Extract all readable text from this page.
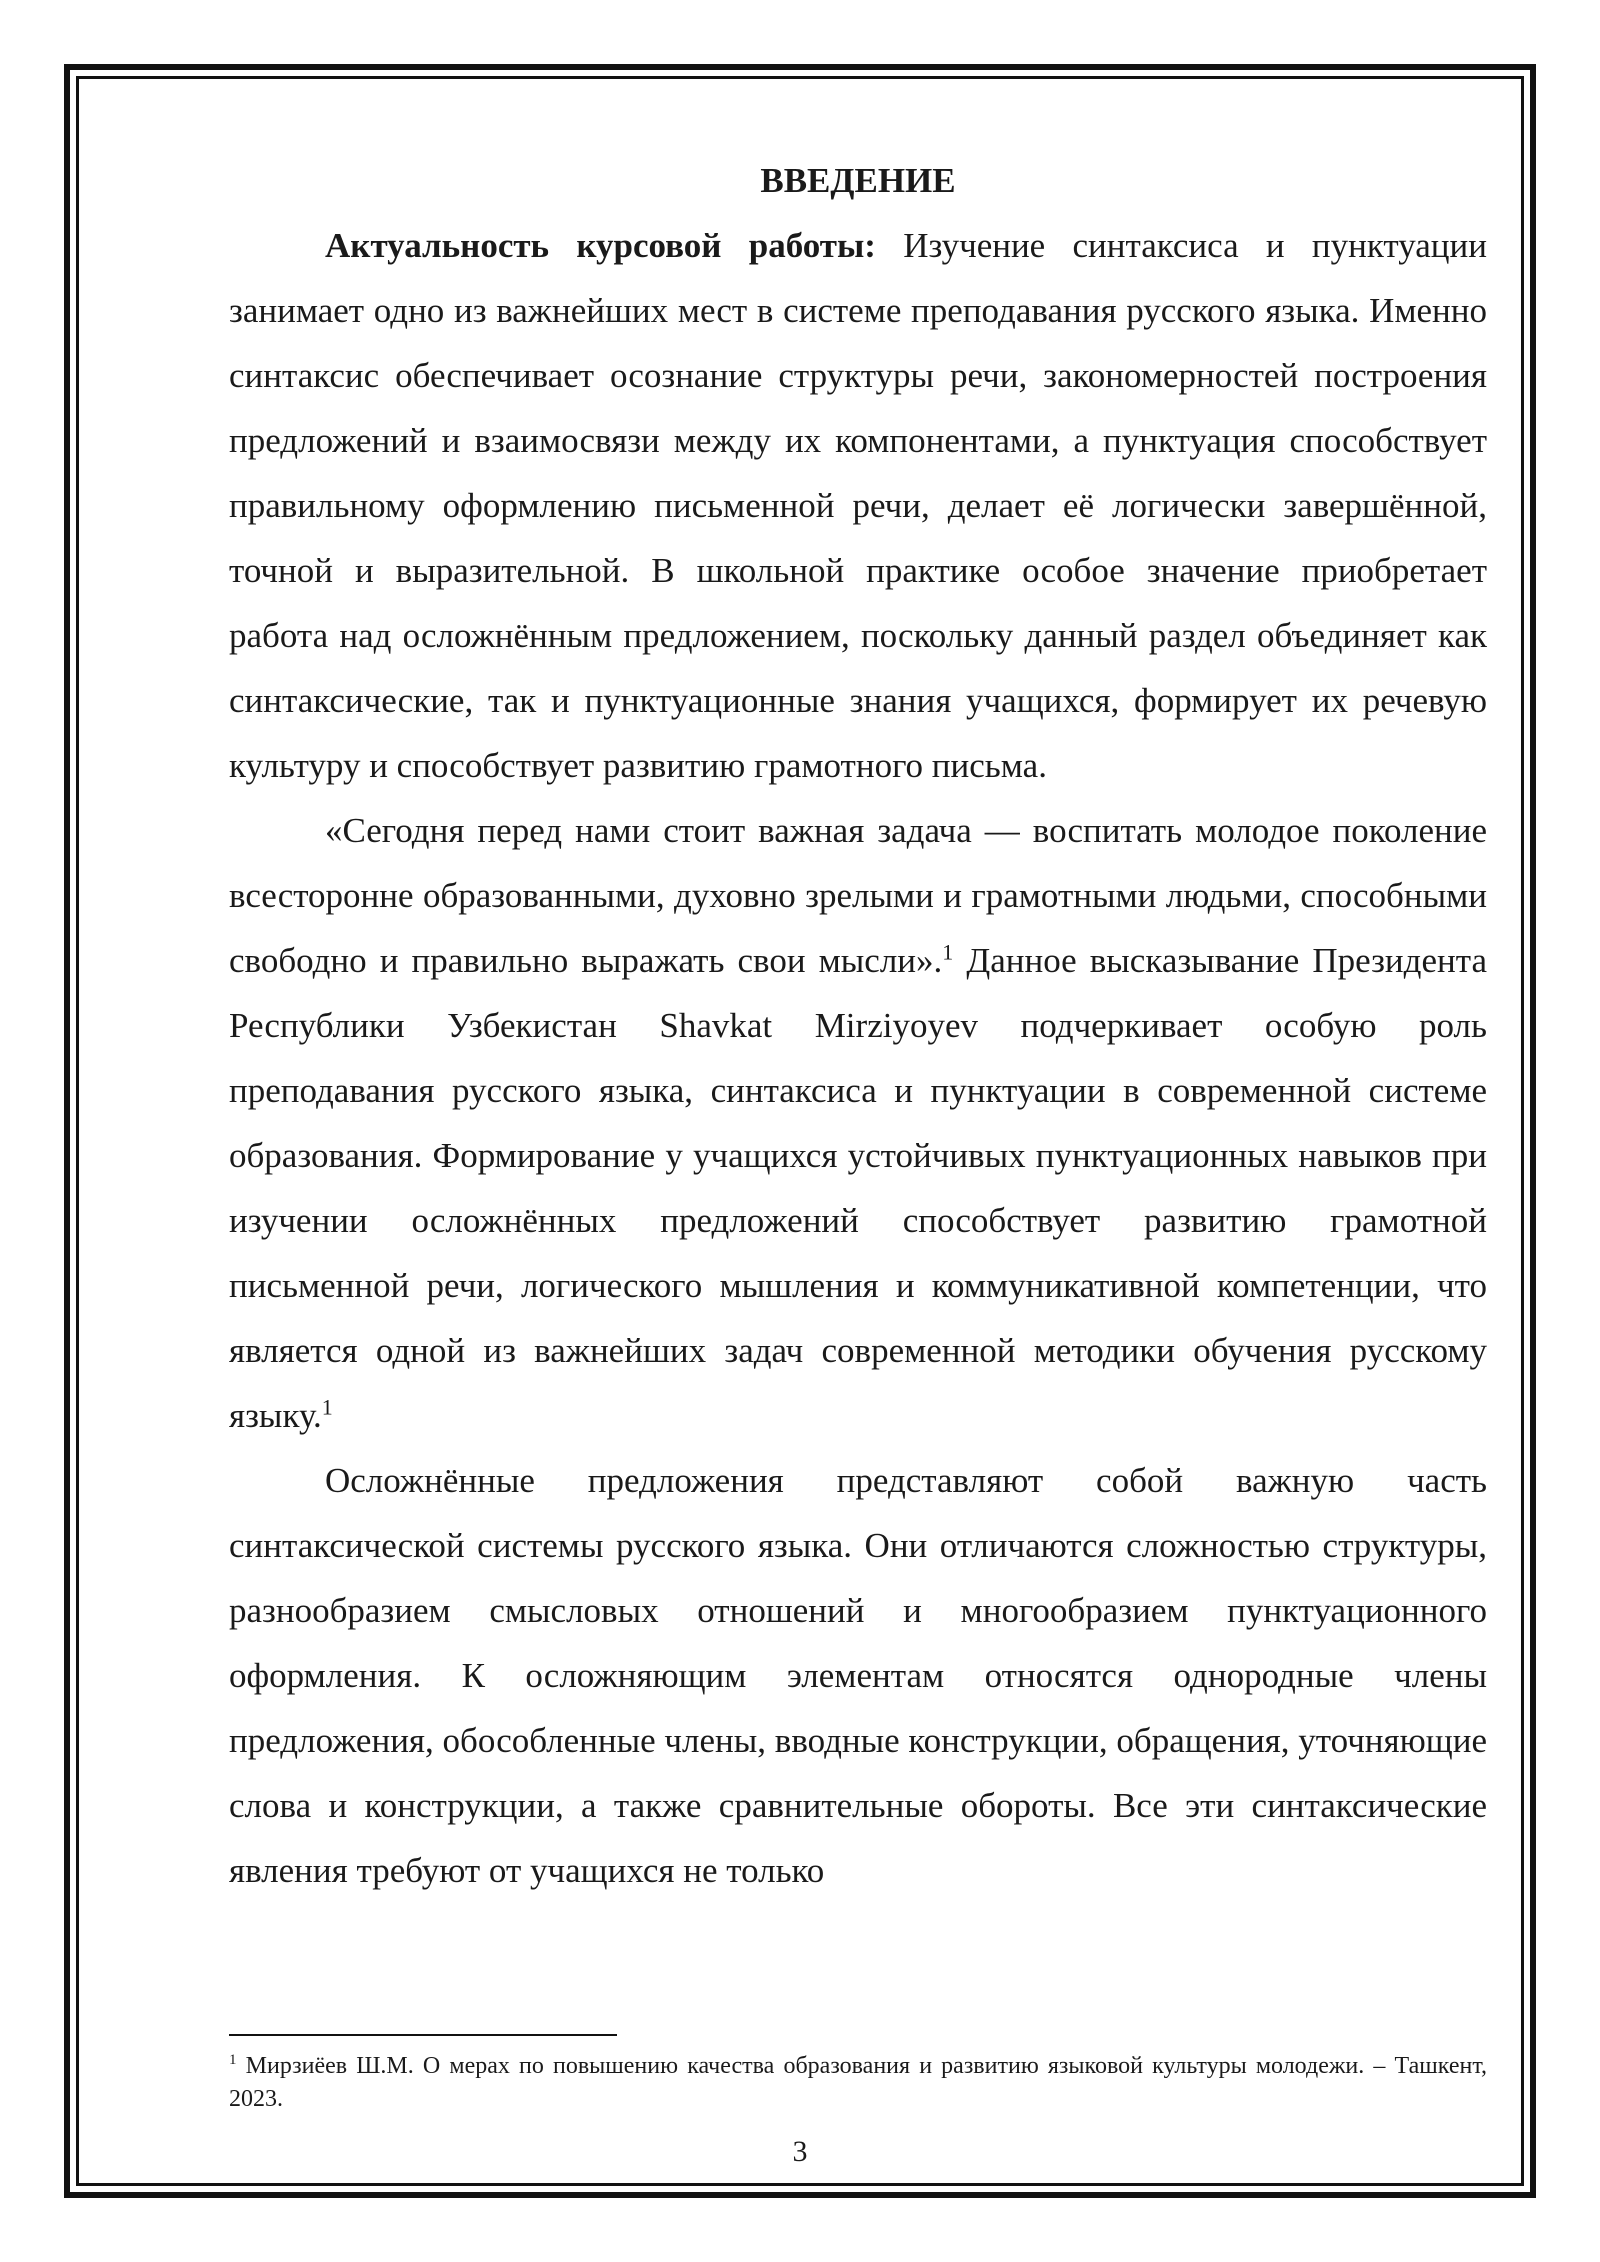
ВВЕДЕНИЕ

Актуальность курсовой работы: Изучение синтаксиса и пунктуации занимает одно из важнейших мест в системе преподавания русского языка. Именно синтаксис обеспечивает осознание структуры речи, закономерностей построения предложений и взаимосвязи между их компонентами, а пунктуация способствует правильному оформлению письменной речи, делает её логически завершённой, точной и выразительной. В школьной практике особое значение приобретает работа над осложнённым предложением, поскольку данный раздел объединяет как синтаксические, так и пунктуационные знания учащихся, формирует их речевую культуру и способствует развитию грамотного письма.

«Сегодня перед нами стоит важная задача — воспитать молодое поколение всесторонне образованными, духовно зрелыми и грамотными людьми, способными свободно и правильно выражать свои мысли».$^1$ Данное высказывание Президента Республики Узбекистан Shavkat Mirziyoyev подчеркивает особую роль преподавания русского языка, синтаксиса и пунктуации в современной системе образования. Формирование у учащихся устойчивых пунктуационных навыков при изучении осложнённых предложений способствует развитию грамотной письменной речи, логического мышления и коммуникативной компетенции, что является одной из важнейших задач современной методики обучения русскому языку.$^1$

Осложнённые предложения представляют собой важную часть синтаксической системы русского языка. Они отличаются сложностью структуры, разнообразием смысловых отношений и многообразием пунктуационного оформления. К осложняющим элементам относятся однородные члены предложения, обособленные члены, вводные конструкции, обращения, уточняющие слова и конструкции, а также сравнительные обороты. Все эти синтаксические явления требуют от учащихся не только

$^1$ Мирзиёев Ш.М. О мерах по повышению качества образования и развитию языковой культуры молодежи. – Ташкент, 2023.

3
